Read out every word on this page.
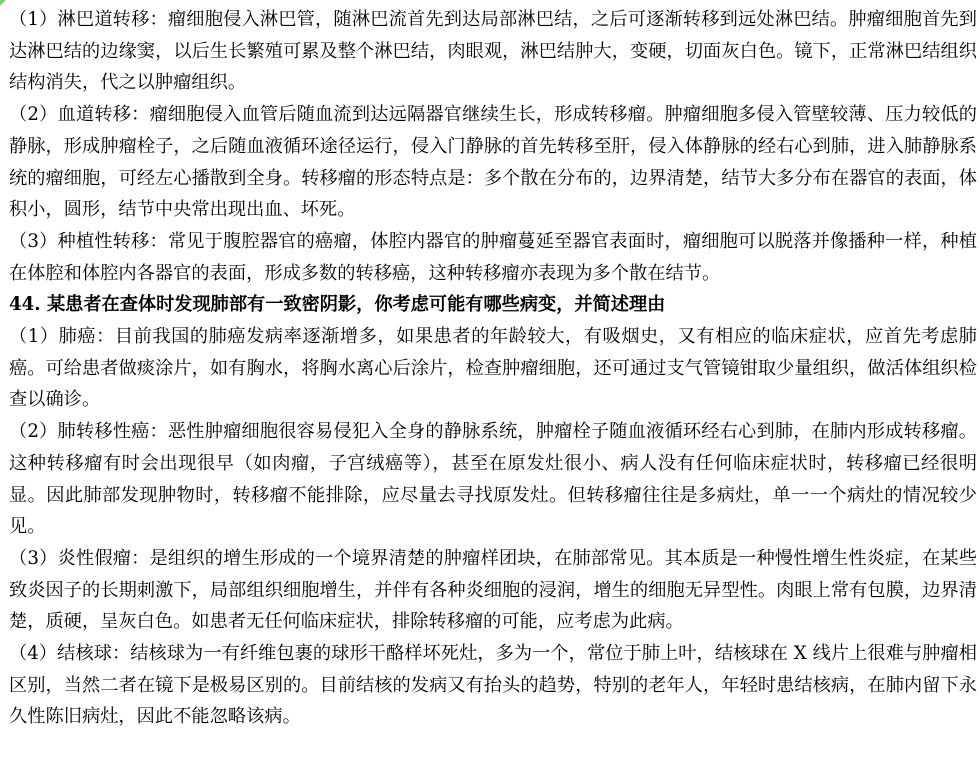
（1）淋巴道转移：瘤细胞侵入淋巴管，随淋巴流首先到达局部淋巴结，之后可逐渐转移到远处淋巴结。肿瘤细胞首先到达淋巴结的边缘窦，以后生长繁殖可累及整个淋巴结，肉眼观，淋巴结肿大，变硬，切面灰白色。镜下，正常淋巴结组织结构消失，代之以肿瘤组织。

（2）血道转移：瘤细胞侵入血管后随血流到达远隔器官继续生长，形成转移瘤。肿瘤细胞多侵入管壁较薄、压力较低的静脉，形成肿瘤栓子，之后随血液循环途径运行，侵入门静脉的首先转移至肝，侵入体静脉的经右心到肺，进入肺静脉系统的瘤细胞，可经左心播散到全身。转移瘤的形态特点是：多个散在分布的，边界清楚，结节大多分布在器官的表面，体积小，圆形，结节中央常出现出血、坏死。

（3）种植性转移：常见于腹腔器官的癌瘤，体腔内器官的肿瘤蔓延至器官表面时，瘤细胞可以脱落并像播种一样，种植在体腔和体腔内各器官的表面，形成多数的转移癌，这种转移瘤亦表现为多个散在结节。

44. 某患者在查体时发现肺部有一致密阴影，你考虑可能有哪些病变，并简述理由

（1）肺癌：目前我国的肺癌发病率逐渐增多，如果患者的年龄较大，有吸烟史，又有相应的临床症状，应首先考虑肺癌。可给患者做痰涂片，如有胸水，将胸水离心后涂片，检查肿瘤细胞，还可通过支气管镜钳取少量组织，做活体组织检查以确诊。

（2）肺转移性癌：恶性肿瘤细胞很容易侵犯入全身的静脉系统，肿瘤栓子随血液循环经右心到肺，在肺内形成转移瘤。这种转移瘤有时会出现很早（如肉瘤，子宫绒癌等），甚至在原发灶很小、病人没有任何临床症状时，转移瘤已经很明显。因此肺部发现肿物时，转移瘤不能排除，应尽量去寻找原发灶。但转移瘤往往是多病灶，单一一个病灶的情况较少见。

（3）炎性假瘤：是组织的增生形成的一个境界清楚的肿瘤样团块，在肺部常见。其本质是一种慢性增生性炎症，在某些致炎因子的长期刺激下，局部组织细胞增生，并伴有各种炎细胞的浸润，增生的细胞无异型性。肉眼上常有包膜，边界清楚，质硬，呈灰白色。如患者无任何临床症状，排除转移瘤的可能，应考虑为此病。

（4）结核球：结核球为一有纤维包裹的球形干酪样坏死灶，多为一个，常位于肺上叶，结核球在 X 线片上很难与肿瘤相区别，当然二者在镜下是极易区别的。目前结核的发病又有抬头的趋势，特别的老年人，年轻时患结核病，在肺内留下永久性陈旧病灶，因此不能忽略该病。
